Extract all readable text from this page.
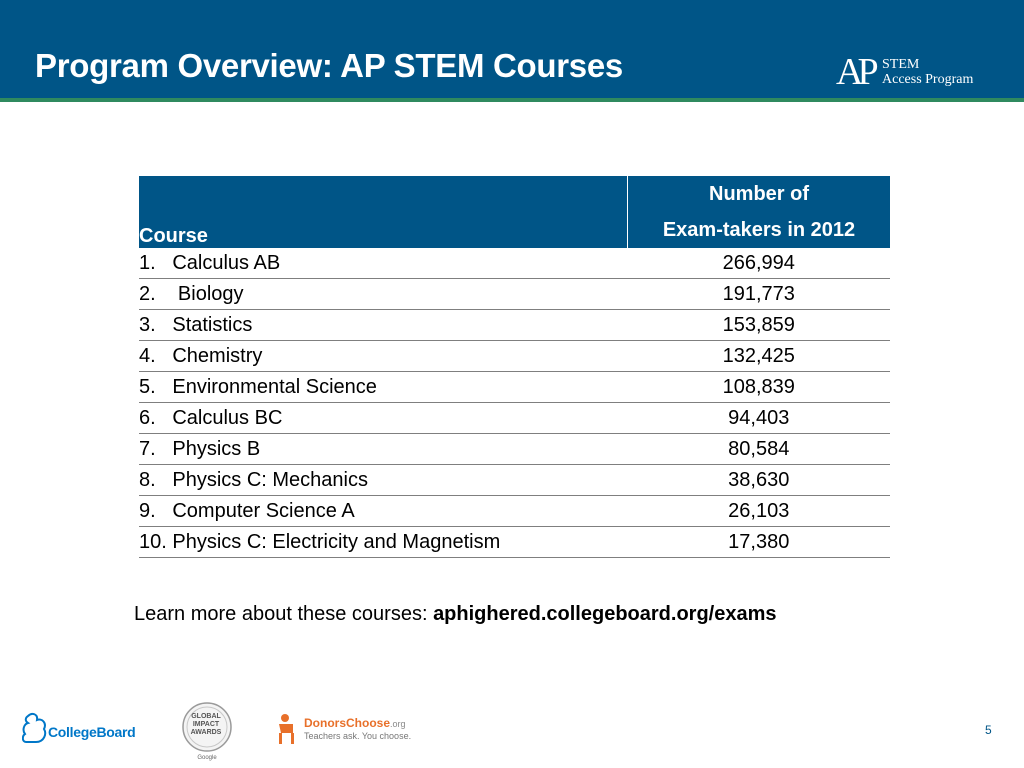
Program Overview: AP STEM Courses	AP STEM
Access Program
Course	Number of
Exam-takers in 2012

1.   Calculus AB	266,994
2.    Biology	191,773
3.   Statistics	153,859
4.   Chemistry	132,425
5.   Environmental Science	108,839
6.   Calculus BC	94,403
7.   Physics B	80,584
8.   Physics C: Mechanics	38,630
9.   Computer Science A	26,103
10. Physics C: Electricity and Magnetism	17,380
Learn more about these courses: aphighered.collegeboard.org/exams
CollegeBoard
GLOBAL IMPACT AWARDS
Google
DonorsChoose.org
Teachers ask. You choose.	5
